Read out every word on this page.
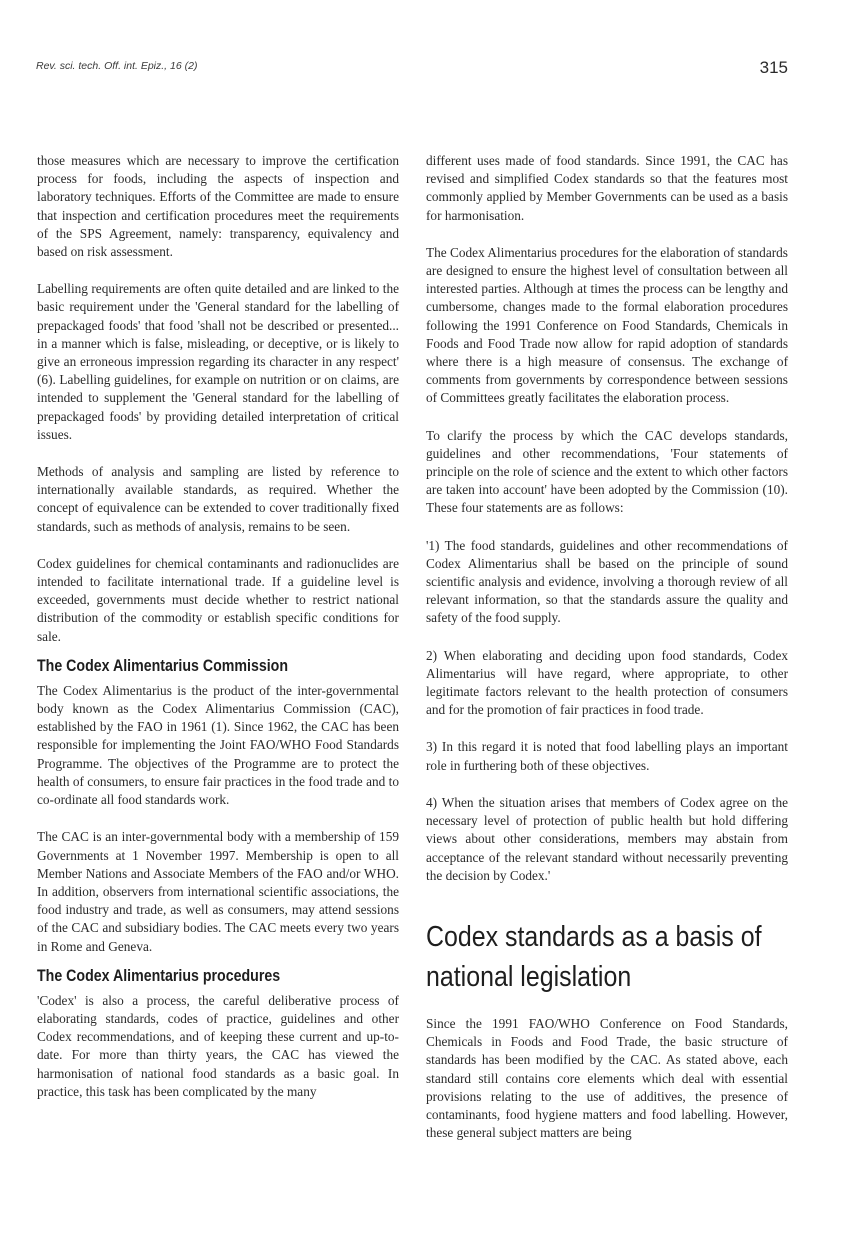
Rev. sci. tech. Off. int. Epiz., 16 (2)	315

those measures which are necessary to improve the certification process for foods, including the aspects of inspection and laboratory techniques. Efforts of the Committee are made to ensure that inspection and certification procedures meet the requirements of the SPS Agreement, namely: transparency, equivalency and based on risk assessment.

Labelling requirements are often quite detailed and are linked to the basic requirement under the 'General standard for the labelling of prepackaged foods' that food 'shall not be described or presented... in a manner which is false, misleading, or deceptive, or is likely to give an erroneous impression regarding its character in any respect' (6). Labelling guidelines, for example on nutrition or on claims, are intended to supplement the 'General standard for the labelling of prepackaged foods' by providing detailed interpretation of critical issues.

Methods of analysis and sampling are listed by reference to internationally available standards, as required. Whether the concept of equivalence can be extended to cover traditionally fixed standards, such as methods of analysis, remains to be seen.

Codex guidelines for chemical contaminants and radionuclides are intended to facilitate international trade. If a guideline level is exceeded, governments must decide whether to restrict national distribution of the commodity or establish specific conditions for sale.

The Codex Alimentarius Commission

The Codex Alimentarius is the product of the inter-governmental body known as the Codex Alimentarius Commission (CAC), established by the FAO in 1961 (1). Since 1962, the CAC has been responsible for implementing the Joint FAO/WHO Food Standards Programme. The objectives of the Programme are to protect the health of consumers, to ensure fair practices in the food trade and to co-ordinate all food standards work.

The CAC is an inter-governmental body with a membership of 159 Governments at 1 November 1997. Membership is open to all Member Nations and Associate Members of the FAO and/or WHO. In addition, observers from international scientific associations, the food industry and trade, as well as consumers, may attend sessions of the CAC and subsidiary bodies. The CAC meets every two years in Rome and Geneva.

The Codex Alimentarius procedures

'Codex' is also a process, the careful deliberative process of elaborating standards, codes of practice, guidelines and other Codex recommendations, and of keeping these current and up-to-date. For more than thirty years, the CAC has viewed the harmonisation of national food standards as a basic goal. In practice, this task has been complicated by the many

different uses made of food standards. Since 1991, the CAC has revised and simplified Codex standards so that the features most commonly applied by Member Governments can be used as a basis for harmonisation.

The Codex Alimentarius procedures for the elaboration of standards are designed to ensure the highest level of consultation between all interested parties. Although at times the process can be lengthy and cumbersome, changes made to the formal elaboration procedures following the 1991 Conference on Food Standards, Chemicals in Foods and Food Trade now allow for rapid adoption of standards where there is a high measure of consensus. The exchange of comments from governments by correspondence between sessions of Committees greatly facilitates the elaboration process.

To clarify the process by which the CAC develops standards, guidelines and other recommendations, 'Four statements of principle on the role of science and the extent to which other factors are taken into account' have been adopted by the Commission (10). These four statements are as follows:

'1) The food standards, guidelines and other recommendations of Codex Alimentarius shall be based on the principle of sound scientific analysis and evidence, involving a thorough review of all relevant information, so that the standards assure the quality and safety of the food supply.

2) When elaborating and deciding upon food standards, Codex Alimentarius will have regard, where appropriate, to other legitimate factors relevant to the health protection of consumers and for the promotion of fair practices in food trade.

3) In this regard it is noted that food labelling plays an important role in furthering both of these objectives.

4) When the situation arises that members of Codex agree on the necessary level of protection of public health but hold differing views about other considerations, members may abstain from acceptance of the relevant standard without necessarily preventing the decision by Codex.'

Codex standards as a basis of
national legislation

Since the 1991 FAO/WHO Conference on Food Standards, Chemicals in Foods and Food Trade, the basic structure of standards has been modified by the CAC. As stated above, each standard still contains core elements which deal with essential provisions relating to the use of additives, the presence of contaminants, food hygiene matters and food labelling. However, these general subject matters are being
